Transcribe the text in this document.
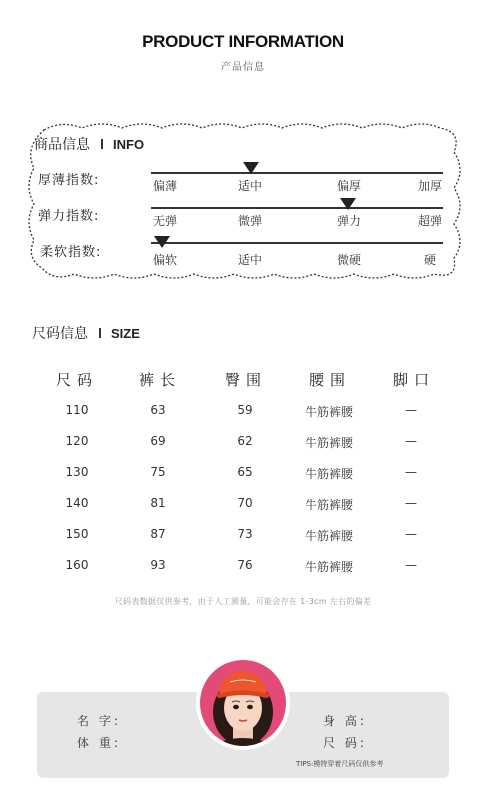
PRODUCT INFORMATION
产品信息
商品信息 INFO
厚薄指数:	偏薄	适中	偏厚	加厚
弹力指数:	无弹	微弹	弹力	超弹
柔软指数:	偏软	适中	微硬	硬
尺码信息 SIZE
尺码	裤长	臀围	腰围	脚口
110	63	59	牛筋裤腰	—
120	69	62	牛筋裤腰	—
130	75	65	牛筋裤腰	—
140	81	70	牛筋裤腰	—
150	87	73	牛筋裤腰	—
160	93	76	牛筋裤腰	—
尺码表数据仅供参考，由于人工测量，可能会存在 1-3cm 左右的偏差
名 字:
体 重:
身 高:
尺 码:
TIPS:模特穿着尺码仅供参考
